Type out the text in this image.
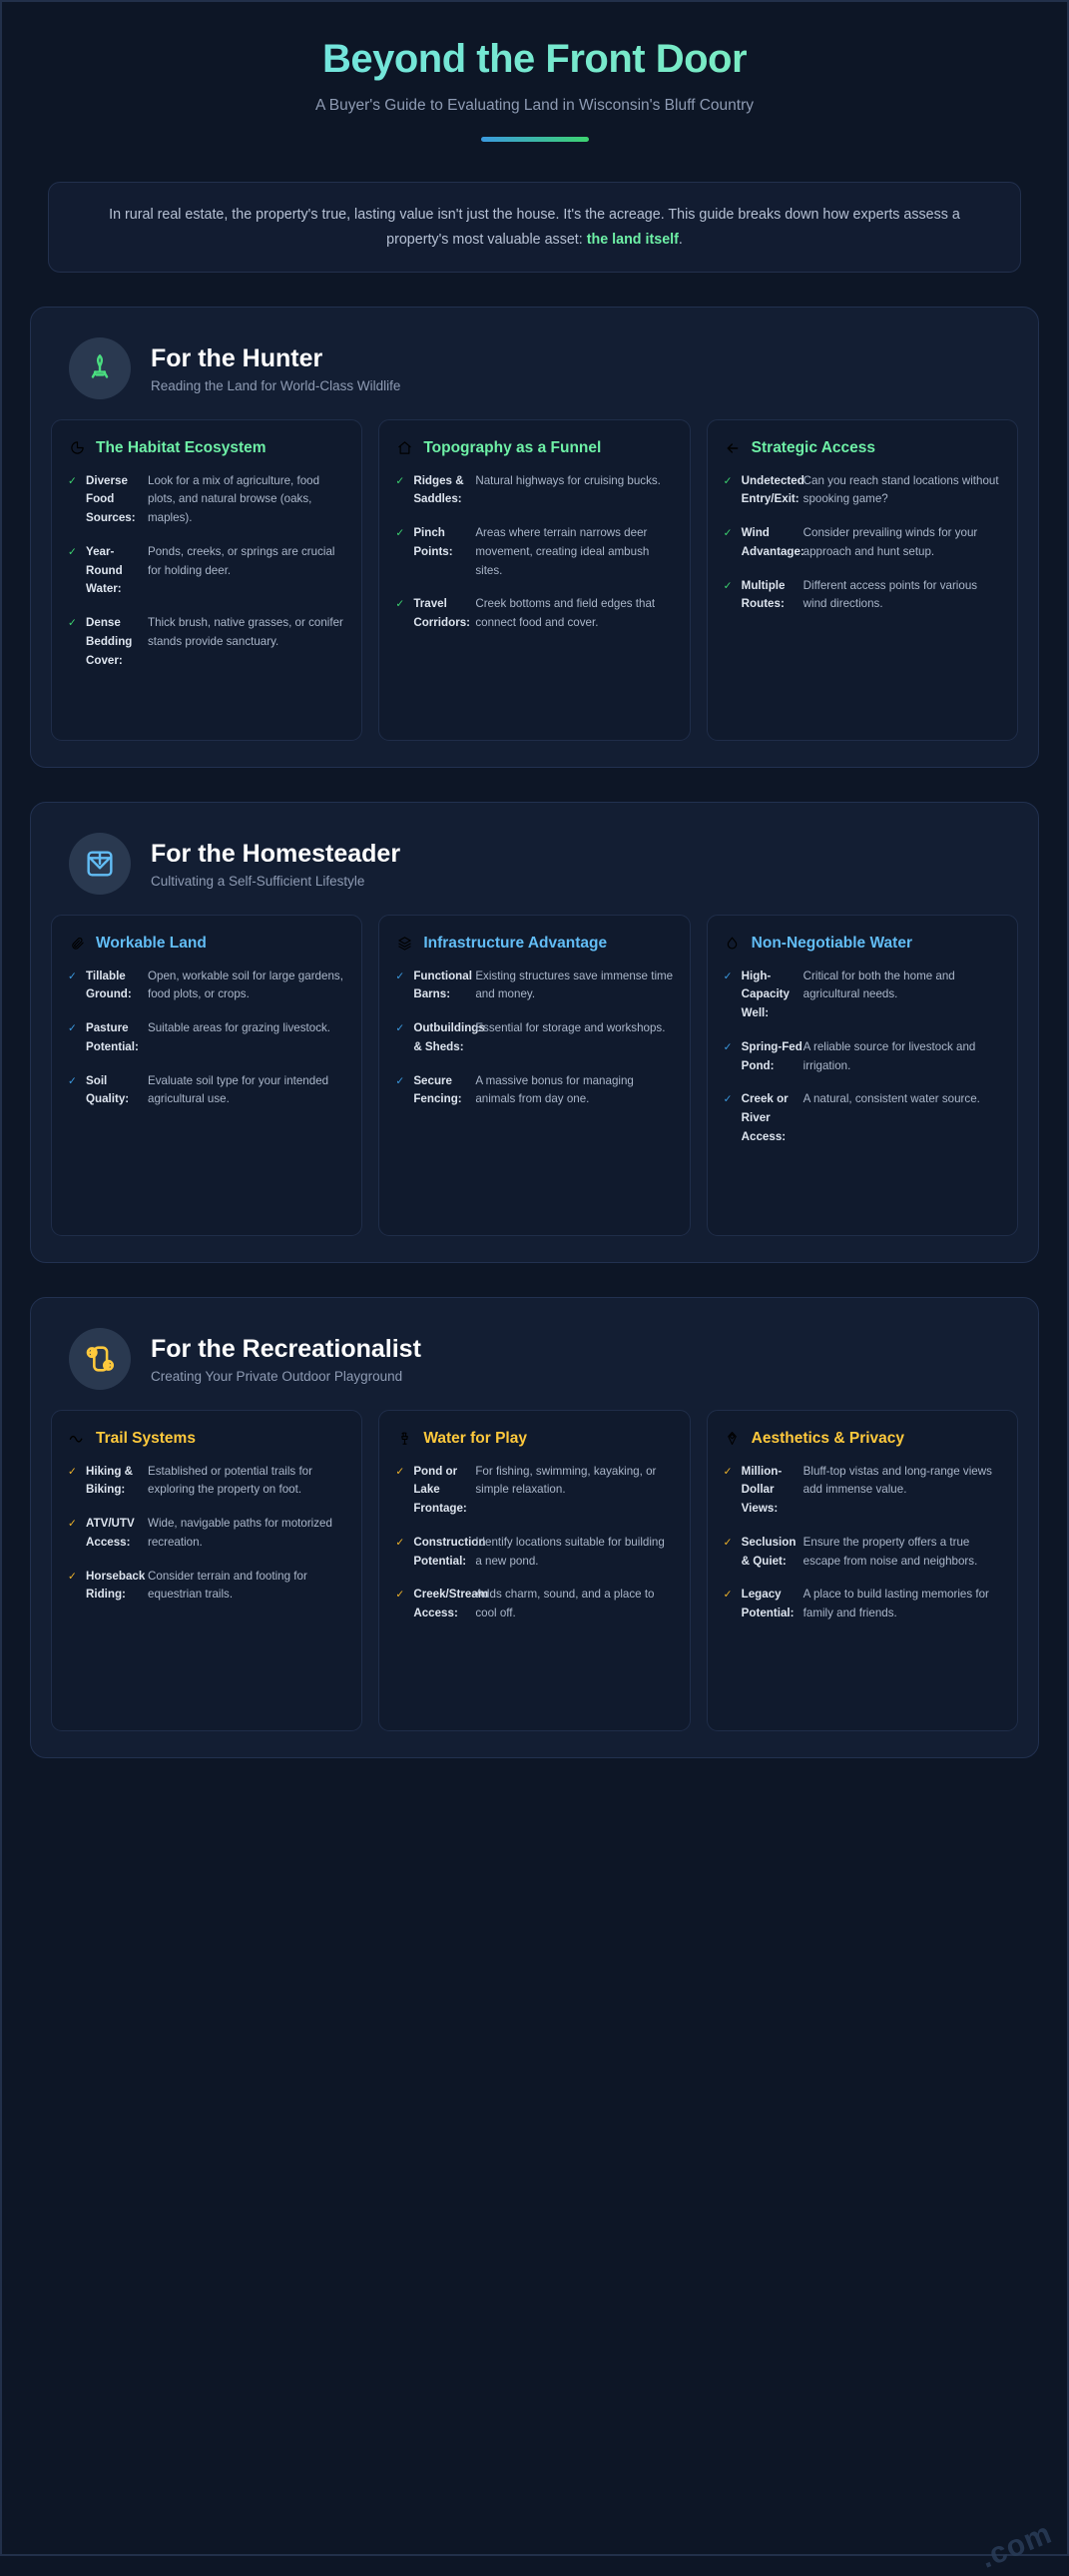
Beyond the Front Door
A Buyer's Guide to Evaluating Land in Wisconsin's Bluff Country
In rural real estate, the property's true, lasting value isn't just the house. It's the acreage. This guide breaks down how experts assess a property's most valuable asset: the land itself.
For the Hunter
Reading the Land for World-Class Wildlife
The Habitat Ecosystem
✓ Diverse Food Sources:
Look for a mix of agriculture, food plots, and natural browse (oaks, maples).
✓ Year-Round Water:
Ponds, creeks, or springs are crucial for holding deer.
✓ Dense Bedding Cover:
Thick brush, native grasses, or conifer stands provide sanctuary.
Topography as a Funnel
✓ Ridges & Saddles:
Natural highways for cruising bucks.
✓ Pinch Points:
Areas where terrain narrows deer movement, creating ideal ambush sites.
✓ Travel Corridors:
Creek bottoms and field edges that connect food and cover.
Strategic Access
✓ Undetected Entry/Exit:
Can you reach stand locations without spooking game?
✓ Wind Advantage:
Consider prevailing winds for your approach and hunt setup.
✓ Multiple Routes:
Different access points for various wind directions.
For the Homesteader
Cultivating a Self-Sufficient Lifestyle
Workable Land
✓ Tillable Ground:
Open, workable soil for large gardens, food plots, or crops.
✓ Pasture Potential:
Suitable areas for grazing livestock.
✓ Soil Quality:
Evaluate soil type for your intended agricultural use.
Infrastructure Advantage
✓ Functional Barns:
Existing structures save immense time and money.
✓ Outbuildings & Sheds:
Essential for storage and workshops.
✓ Secure Fencing:
A massive bonus for managing animals from day one.
Non-Negotiable Water
✓ High-Capacity Well:
Critical for both the home and agricultural needs.
✓ Spring-Fed Pond:
A reliable source for livestock and irrigation.
✓ Creek or River Access:
A natural, consistent water source.
For the Recreationalist
Creating Your Private Outdoor Playground
Trail Systems
✓ Hiking & Biking:
Established or potential trails for exploring the property on foot.
✓ ATV/UTV Access:
Wide, navigable paths for motorized recreation.
✓ Horseback Riding:
Consider terrain and footing for equestrian trails.
Water for Play
✓ Pond or Lake Frontage:
For fishing, swimming, kayaking, or simple relaxation.
✓ Construction Potential:
Identify locations suitable for building a new pond.
✓ Creek/Stream Access:
Adds charm, sound, and a place to cool off.
Aesthetics & Privacy
✓ Million-Dollar Views:
Bluff-top vistas and long-range views add immense value.
✓ Seclusion & Quiet:
Ensure the property offers a true escape from noise and neighbors.
✓ Legacy Potential:
A place to build lasting memories for family and friends.
.com
